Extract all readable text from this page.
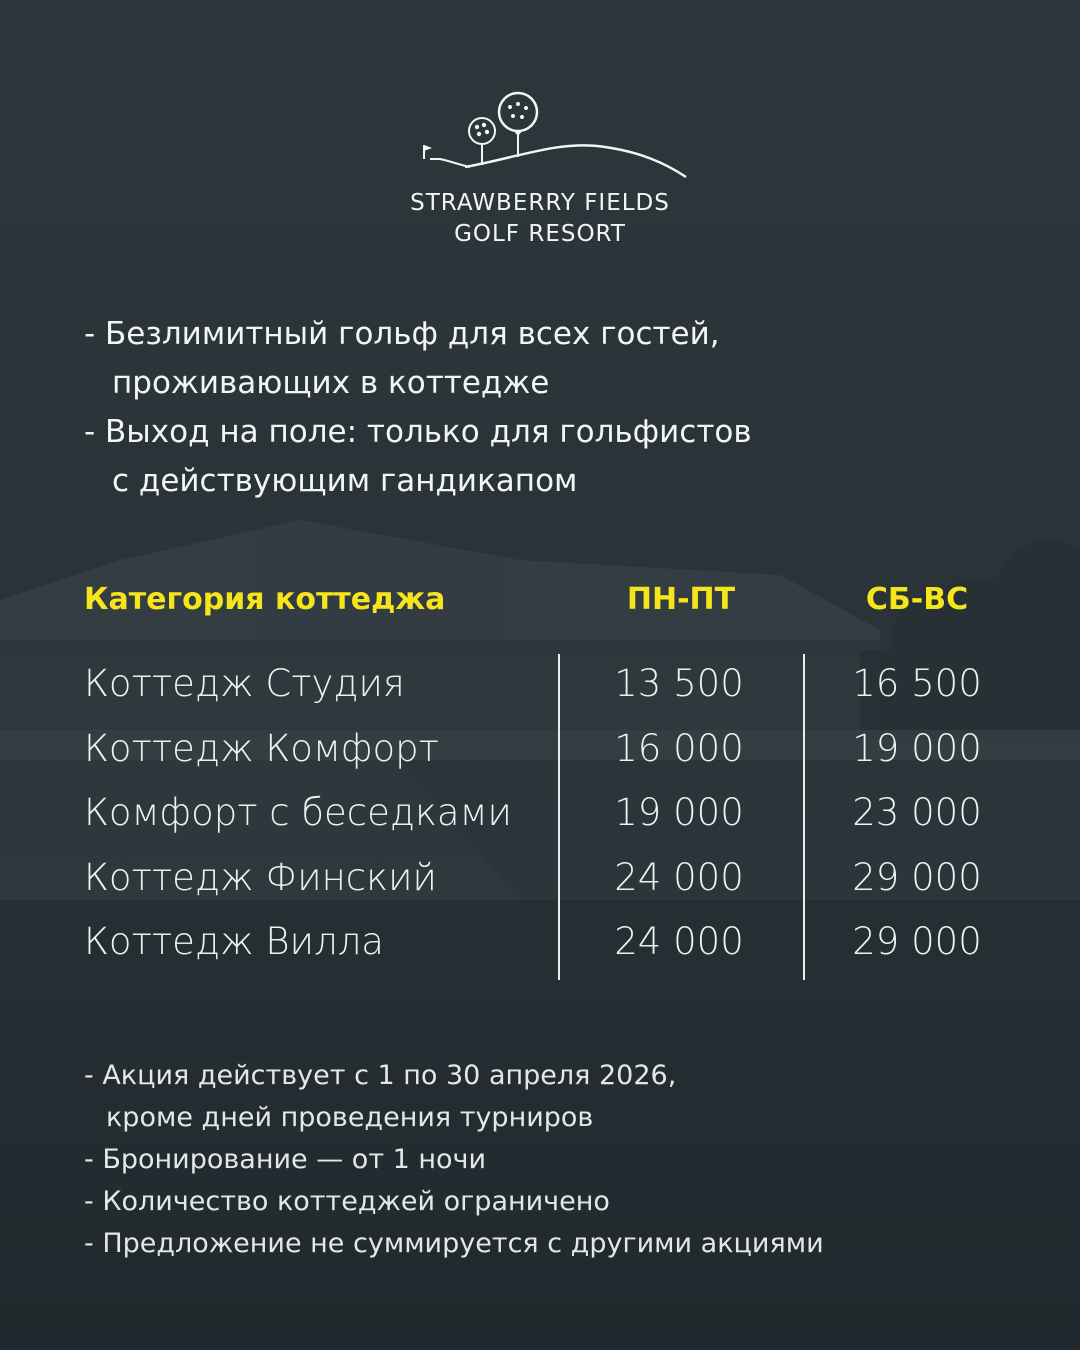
STRAWBERRY FIELDS
GOLF RESORT
- Безлимитный гольф для всех гостей,
проживающих в коттедже
- Выход на поле: только для гольфистов
с действующим гандикапом
Категория коттеджа	ПН-ПТ	СБ-ВС
Коттедж Студия	13 500	16 500
Коттедж Комфорт	16 000	19 000
Комфорт с беседками	19 000	23 000
Коттедж Финский	24 000	29 000
Коттедж Вилла	24 000	29 000
- Акция действует с 1 по 30 апреля 2026,
кроме дней проведения турниров
- Бронирование — от 1 ночи
- Количество коттеджей ограничено
- Предложение не суммируется с другими акциями
